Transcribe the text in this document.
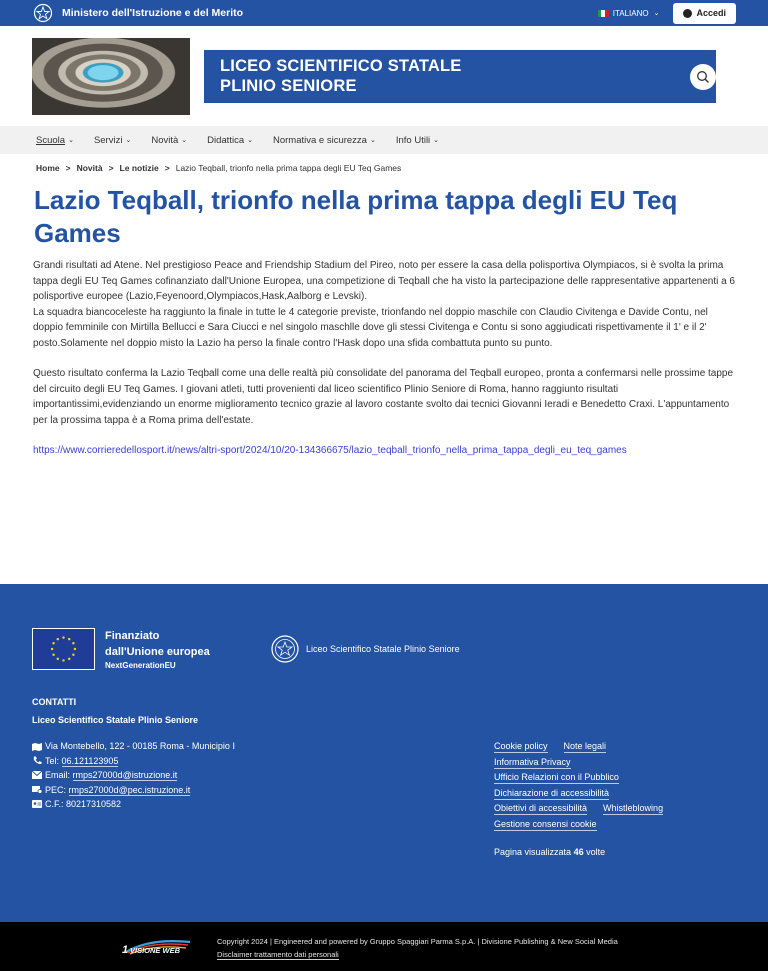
Ministero dell'Istruzione e del Merito	ITALIANO ⌄	Accedi
LICEO SCIENTIFICO STATALE
PLINIO SENIORE
Scuola ⌄ Servizi ⌄ Novità ⌄ Didattica ⌄ Normativa e sicurezza ⌄ Info Utili ⌄
Home > Novità > Le notizie > Lazio Teqball, trionfo nella prima tappa degli EU Teq Games
Lazio Teqball, trionfo nella prima tappa degli EU Teq Games

Grandi risultati ad Atene. Nel prestigioso Peace and Friendship Stadium del Pireo, noto per essere la casa della polisportiva Olympiacos, si è svolta la prima tappa degli EU Teq Games cofinanziato dall'Unione Europea, una competizione di Teqball che ha visto la partecipazione delle rappresentative appartenenti a 6 polisportive europee (Lazio,Feyenoord,Olympiacos,Hask,Aalborg e Levski).
La squadra biancoceleste ha raggiunto la finale in tutte le 4 categorie previste, trionfando nel doppio maschile con Claudio Civitenga e Davide Contu, nel doppio femminile con Mirtilla Bellucci e Sara Ciucci e nel singolo maschlle dove gli stessi Civitenga e Contu si sono aggiudicati rispettivamente il 1' e il 2' posto.Solamente nel doppio misto la Lazio ha perso la finale contro l'Hask dopo una sfida combattuta punto su punto.

Questo risultato conferma la Lazio Teqball come una delle realtà più consolidate del panorama del Teqball europeo, pronta a confermarsi nelle prossime tappe del circuito degli EU Teq Games. I giovani atleti, tutti provenienti dal liceo scientifico Plinio Seniore di Roma, hanno raggiunto risultati importantissimi,evidenziando un enorme miglioramento tecnico grazie al lavoro costante svolto dai tecnici Giovanni Ieradi e Benedetto Craxi. L'appuntamento per la prossima tappa è a Roma prima dell'estate.

https://www.corrieredellosport.it/news/altri-sport/2024/10/20-134366675/lazio_teqball_trionfo_nella_prima_tappa_degli_eu_teq_games
Finanziato
dall'Unione europea
NextGenerationEU
Liceo Scientifico Statale Plinio Seniore
CONTATTI
Liceo Scientifico Statale Plinio Seniore
Via Montebello, 122 - 00185 Roma - Municipio I
Tel:
06.121123905
Email:
rmps27000d@istruzione.it
PEC:
rmps27000d@pec.istruzione.it
C.F.: 80217310582
Cookie policy Note legali
Informativa Privacy
Ufficio Relazioni con il Pubblico
Dichiarazione di accessibilità
Obiettivi di accessibilità Whistleblowing
Gestione consensi cookie
Pagina visualizzata 46 volte
1 VISIONE WEB
Copyright 2024 | Engineered and powered by Gruppo Spaggiari Parma S.p.A. | Divisione Publishing & New Social Media
Disclaimer trattamento dati personali
